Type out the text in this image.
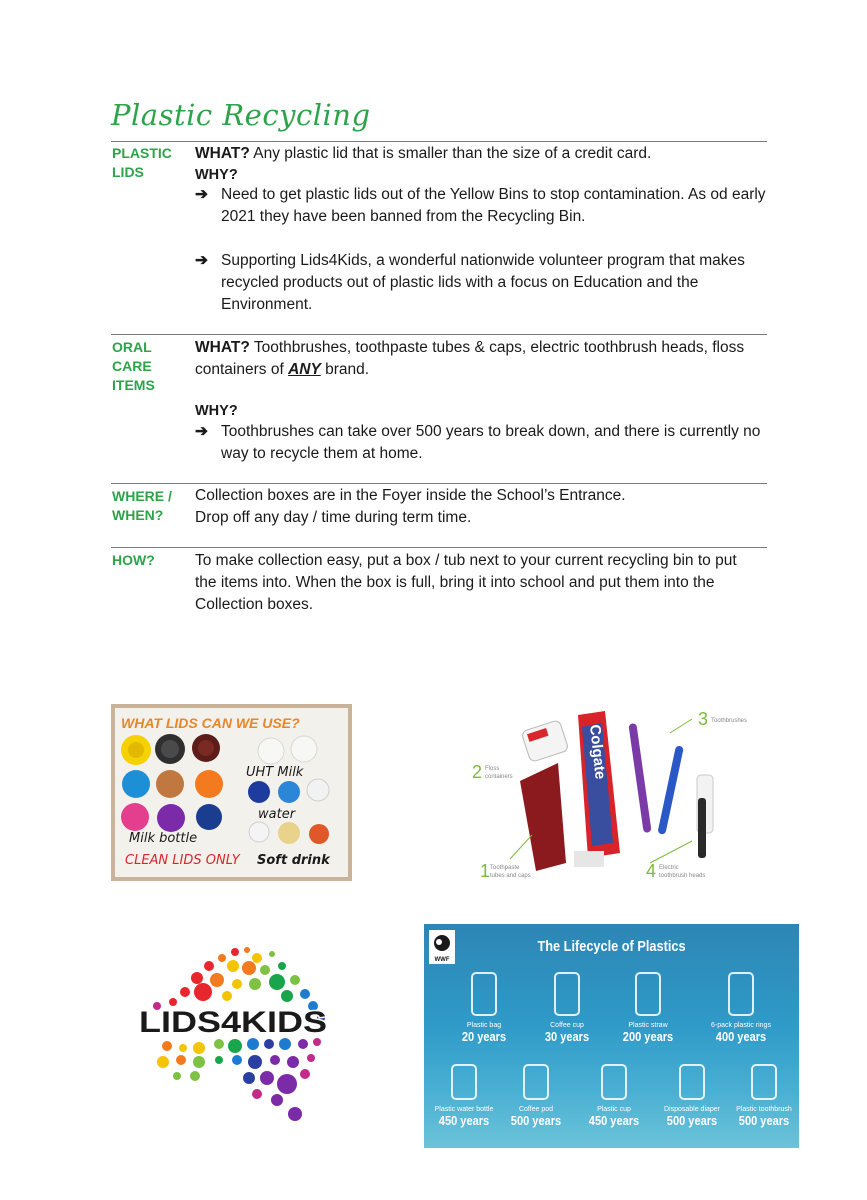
Plastic Recycling
PLASTIC
LIDS
WHAT? Any plastic lid that is smaller than the size of a credit card.
WHY?
➔ Need to get plastic lids out of the Yellow Bins to stop contamination. As od early 2021 they have been banned from the Recycling Bin.
➔ Supporting Lids4Kids, a wonderful nationwide volunteer program that makes recycled products out of plastic lids with a focus on Education and the Environment.
ORAL
CARE
ITEMS
WHAT? Toothbrushes, toothpaste tubes & caps, electric toothbrush heads, floss containers of ANY brand.
WHY?
➔ Toothbrushes can take over 500 years to break down, and there is currently no way to recycle them at home.
WHERE /
WHEN?
Collection boxes are in the Foyer inside the School’s Entrance.
Drop off any day / time during term time.
HOW?	To make collection easy, put a box / tub next to your current recycling bin to put the items into. When the box is full, bring it into school and put them into the Collection boxes.
WHAT LIDS CAN WE USE?
UHT Milk
water
Milk bottle
CLEAN LIDS ONLY Soft drink
Colgate
2 Floss
containers
3 Toothbrushes
1 Toothpaste
tubes and caps	4 Electric
toothbrush heads
LIDS4KIDS
WWF
The Lifecycle of Plastics
Plastic bag
20 years
Coffee cup
30 years
Plastic straw
200 years
6-pack plastic rings
400 years
Plastic water bottle
450 years
Coffee pod
500 years
Plastic cup
450 years
Disposable diaper
500 years
Plastic toothbrush
500 years
